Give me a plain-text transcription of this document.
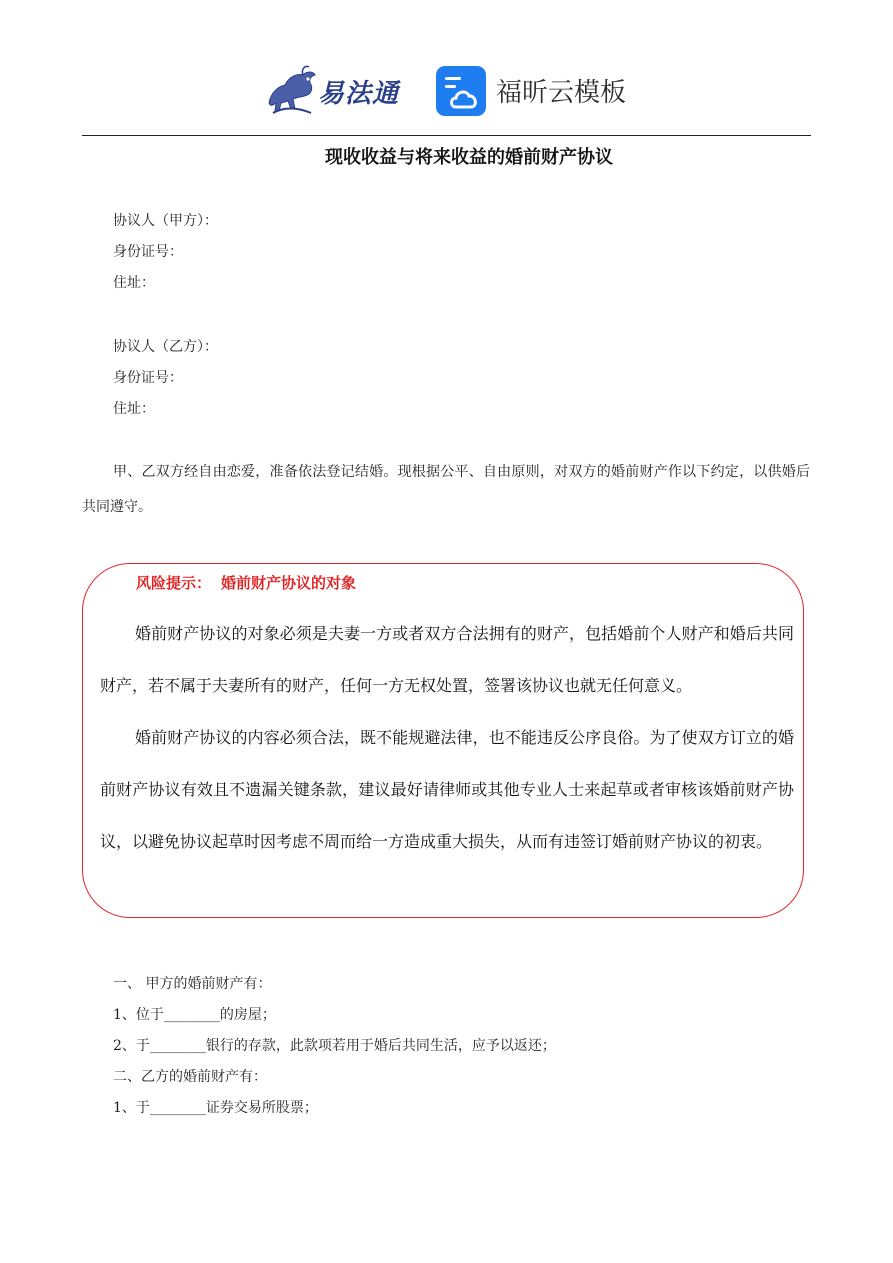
易法通	福昕云模板
现收收益与将来收益的婚前财产协议
协议人（甲方）：
身份证号：
住址：
协议人（乙方）：
身份证号：
住址：
甲、乙双方经自由恋爱，准备依法登记结婚。现根据公平、自由原则，对双方的婚前财产作以下约定，以供婚后共同遵守。
风险提示： 婚前财产协议的对象
婚前财产协议的对象必须是夫妻一方或者双方合法拥有的财产，包括婚前个人财产和婚后共同财产，若不属于夫妻所有的财产，任何一方无权处置，签署该协议也就无任何意义。
婚前财产协议的内容必须合法，既不能规避法律，也不能违反公序良俗。为了使双方订立的婚前财产协议有效且不遗漏关键条款，建议最好请律师或其他专业人士来起草或者审核该婚前财产协议，以避免协议起草时因考虑不周而给一方造成重大损失，从而有违签订婚前财产协议的初衷。
一、 甲方的婚前财产有：
1、位于________的房屋；
2、于________银行的存款，此款项若用于婚后共同生活，应予以返还；
二、乙方的婚前财产有：
1、于________证券交易所股票；
